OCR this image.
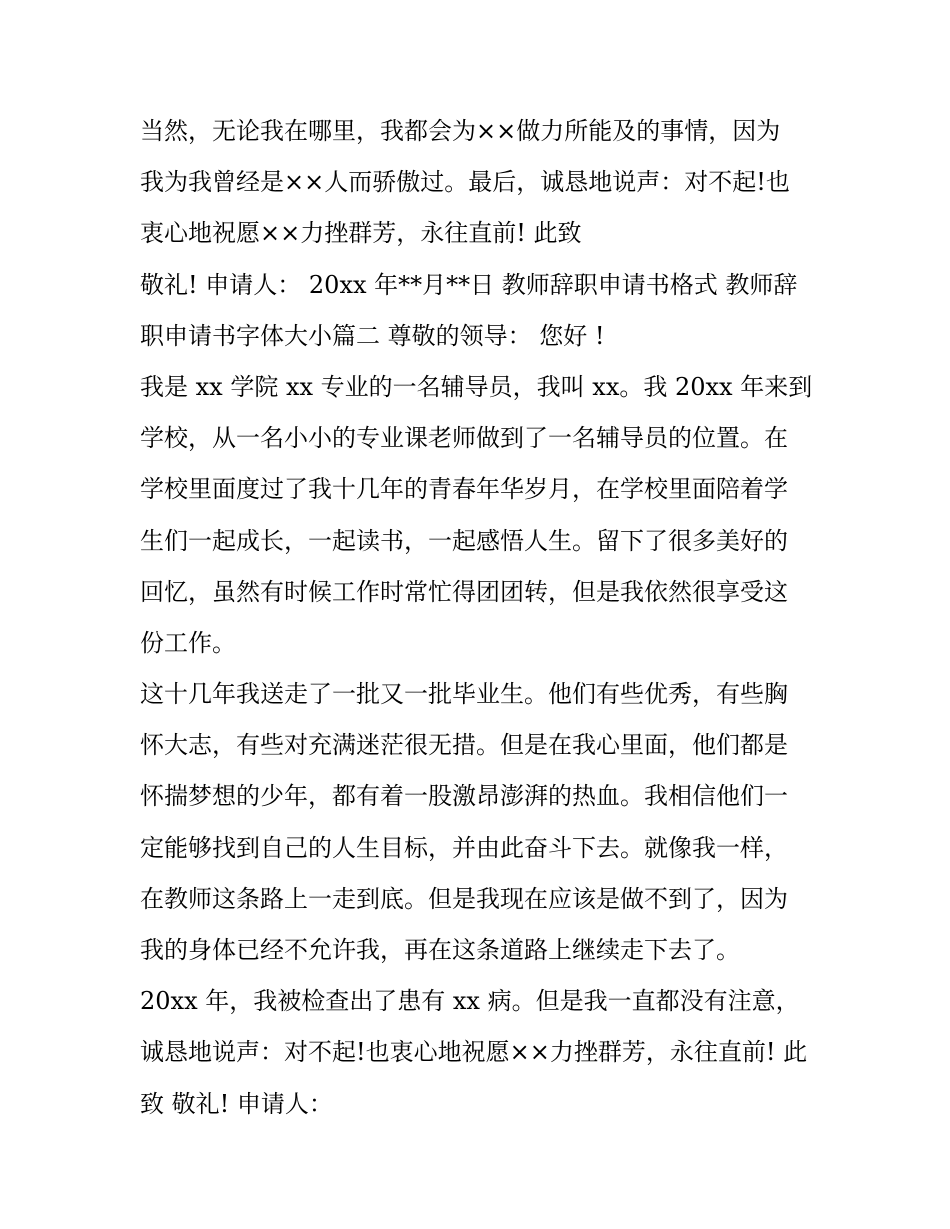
当然，无论我在哪里，我都会为××做力所能及的事情，因为
我为我曾经是××人而骄傲过。最后，诚恳地说声：对不起!也
衷心地祝愿××力挫群芳，永往直前! 此致
敬礼! 申请人： 20xx 年**月**日 教师辞职申请书格式 教师辞
职申请书字体大小篇二 尊敬的领导： 您好 !
我是 xx 学院 xx 专业的一名辅导员，我叫 xx。我 20xx 年来到
学校，从一名小小的专业课老师做到了一名辅导员的位置。在
学校里面度过了我十几年的青春年华岁月，在学校里面陪着学
生们一起成长，一起读书，一起感悟人生。留下了很多美好的
回忆，虽然有时候工作时常忙得团团转，但是我依然很享受这
份工作。
这十几年我送走了一批又一批毕业生。他们有些优秀，有些胸
怀大志，有些对充满迷茫很无措。但是在我心里面，他们都是
怀揣梦想的少年，都有着一股激昂澎湃的热血。我相信他们一
定能够找到自己的人生目标，并由此奋斗下去。就像我一样，
在教师这条路上一走到底。但是我现在应该是做不到了，因为
我的身体已经不允许我，再在这条道路上继续走下去了。
20xx 年，我被检查出了患有 xx 病。但是我一直都没有注意，
诚恳地说声：对不起!也衷心地祝愿××力挫群芳，永往直前! 此
致 敬礼! 申请人：
